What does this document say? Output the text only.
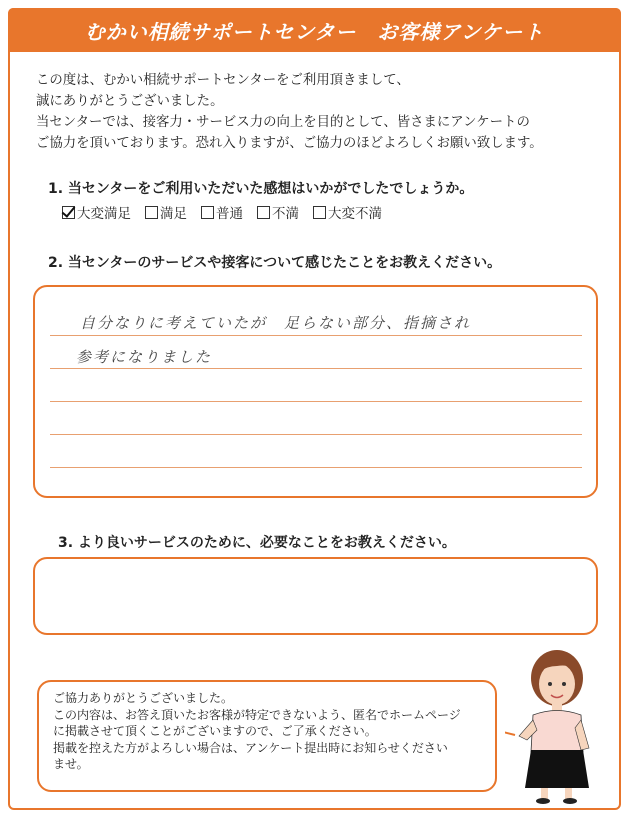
むかい相続サポートセンター　お客様アンケート
この度は、むかい相続サポートセンターをご利用頂きまして、
誠にありがとうございました。
当センターでは、接客力・サービス力の向上を目的として、皆さまにアンケートの
ご協力を頂いております。恐れ入りますが、ご協力のほどよろしくお願い致します。
1. 当センターをご利用いただいた感想はいかがでしたでしょうか。
大変満足 満足 普通 不満 大変不満
2. 当センターのサービスや接客について感じたことをお教えください。
自分なりに考えていたが　足らない部分、指摘され
参考になりました
3. より良いサービスのために、必要なことをお教えください。
ご協力ありがとうございました。
この内容は、お答え頂いたお客様が特定できないよう、匿名でホームページ
に掲載させて頂くことがございますので、ご了承ください。
掲載を控えた方がよろしい場合は、アンケート提出時にお知らせください
ませ。
